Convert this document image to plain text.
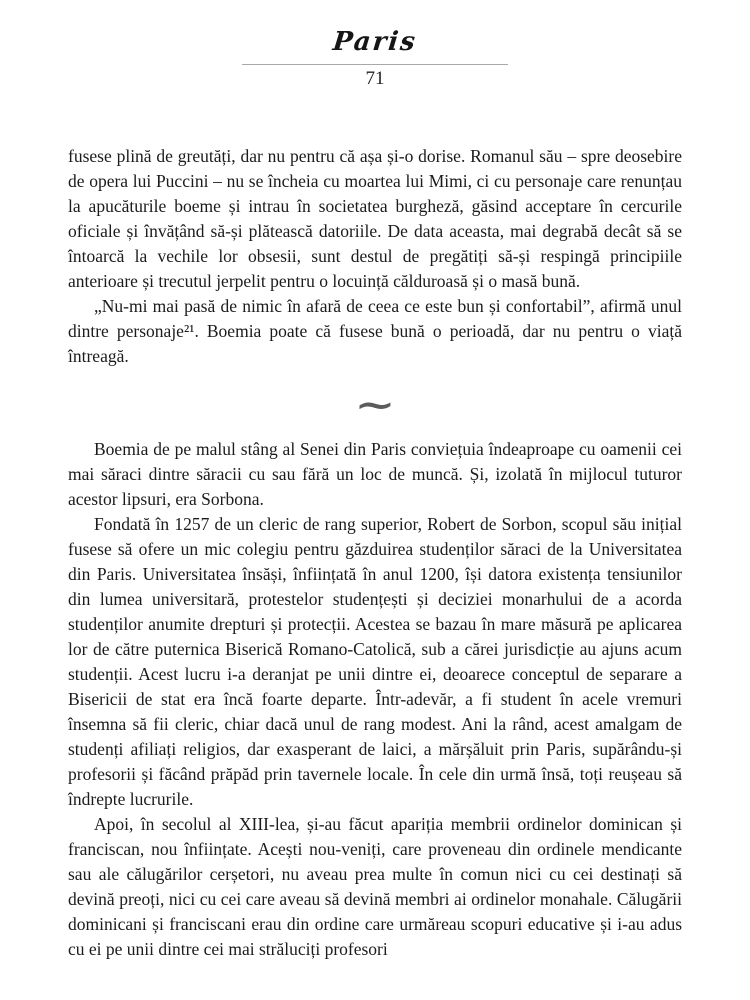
Paris
71

fusese plină de greutăți, dar nu pentru că așa și-o dorise. Romanul său – spre deosebire de opera lui Puccini – nu se încheia cu moartea lui Mimi, ci cu personaje care renunțau la apucăturile boeme și intrau în societatea burgheză, găsind acceptare în cercurile oficiale și învățând să-și plătească datoriile. De data aceasta, mai degrabă decât să se întoarcă la vechile lor obsesii, sunt destul de pregătiți să-și respingă principiile anterioare și trecutul jerpelit pentru o locuință călduroasă și o masă bună.

„Nu-mi mai pasă de nimic în afară de ceea ce este bun și confortabil”, afirmă unul dintre personaje²¹. Boemia poate că fusese bună o perioadă, dar nu pentru o viață întreagă.

~

Boemia de pe malul stâng al Senei din Paris conviețuia îndeaproape cu oamenii cei mai săraci dintre săracii cu sau fără un loc de muncă. Și, izolată în mijlocul tuturor acestor lipsuri, era Sorbona.

Fondată în 1257 de un cleric de rang superior, Robert de Sorbon, scopul său inițial fusese să ofere un mic colegiu pentru găzduirea studenților săraci de la Universitatea din Paris. Universitatea însăși, înființată în anul 1200, își datora existența tensiunilor din lumea universitară, protestelor studențești și deciziei monarhului de a acorda studenților anumite drepturi și protecții. Acestea se bazau în mare măsură pe aplicarea lor de către puternica Biserică Romano-Catolică, sub a cărei jurisdicție au ajuns acum studenții. Acest lucru i-a deranjat pe unii dintre ei, deoarece conceptul de separare a Bisericii de stat era încă foarte departe. Într-adevăr, a fi student în acele vremuri însemna să fii cleric, chiar dacă unul de rang modest. Ani la rând, acest amalgam de studenți afiliați religios, dar exasperant de laici, a mărșăluit prin Paris, supărându-și profesorii și făcând prăpăd prin tavernele locale. În cele din urmă însă, toți reușeau să îndrepte lucrurile.

Apoi, în secolul al XIII-lea, și-au făcut apariția membrii ordinelor dominican și franciscan, nou înființate. Acești nou-veniți, care proveneau din ordinele mendicante sau ale călugărilor cerșetori, nu aveau prea multe în comun nici cu cei destinați să devină preoți, nici cu cei care aveau să devină membri ai ordinelor monahale. Călugării dominicani și franciscani erau din ordine care urmăreau scopuri educative și i-au adus cu ei pe unii dintre cei mai străluciți profesori
